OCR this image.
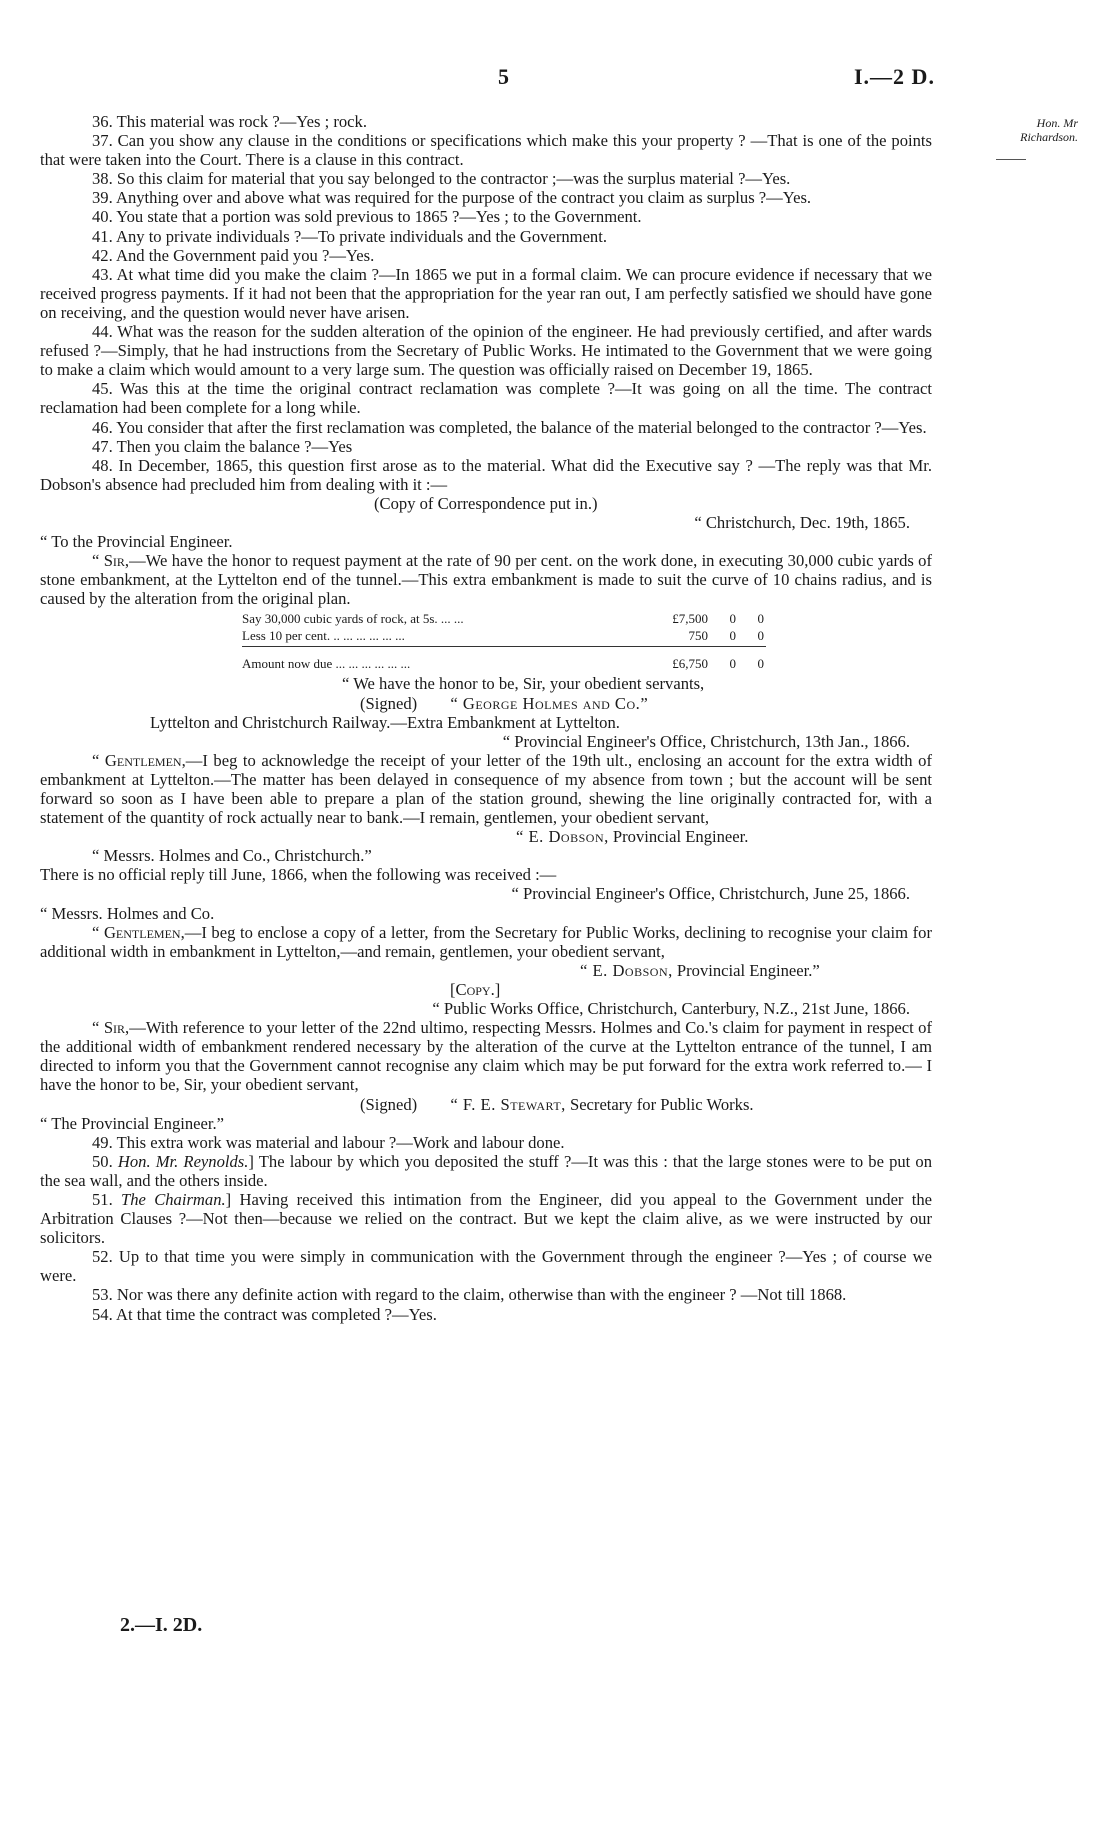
5	I.—2 D.
Hon. Mr Richardson.

36. This material was rock ?—Yes ; rock.

37. Can you show any clause in the conditions or specifications which make this your property ? —That is one of the points that were taken into the Court. There is a clause in this contract.

38. So this claim for material that you say belonged to the contractor ;—was the surplus material ?—Yes.

39. Anything over and above what was required for the purpose of the contract you claim as surplus ?—Yes.

40. You state that a portion was sold previous to 1865 ?—Yes ; to the Government.

41. Any to private individuals ?—To private individuals and the Government.

42. And the Government paid you ?—Yes.

43. At what time did you make the claim ?—In 1865 we put in a formal claim. We can procure evidence if necessary that we received progress payments. If it had not been that the appropriation for the year ran out, I am perfectly satisfied we should have gone on receiving, and the question would never have arisen.

44. What was the reason for the sudden alteration of the opinion of the engineer. He had previously certified, and after wards refused ?—Simply, that he had instructions from the Secretary of Public Works. He intimated to the Government that we were going to make a claim which would amount to a very large sum. The question was officially raised on December 19, 1865.

45. Was this at the time the original contract reclamation was complete ?—It was going on all the time. The contract reclamation had been complete for a long while.

46. You consider that after the first reclamation was completed, the balance of the material belonged to the contractor ?—Yes.

47. Then you claim the balance ?—Yes

48. In December, 1865, this question first arose as to the material. What did the Executive say ? —The reply was that Mr. Dobson's absence had precluded him from dealing with it :—

(Copy of Correspondence put in.)

“ Christchurch, Dec. 19th, 1865.

“ To the Provincial Engineer.

“ Sir,—We have the honor to request payment at the rate of 90 per cent. on the work done, in executing 30,000 cubic yards of stone embankment, at the Lyttelton end of the tunnel.—This extra embankment is made to suit the curve of 10 chains radius, and is caused by the alteration from the original plan.

Say 30,000 cubic yards of rock, at 5s. ... ...	£7,500	0	0
Less 10 per cent. .. ... ... ... ... ...	750	0	0
Amount now due ... ... ... ... ... ...	£6,750	0	0

“ We have the honor to be, Sir, your obedient servants,

(Signed) “ George Holmes and Co.”

Lyttelton and Christchurch Railway.—Extra Embankment at Lyttelton.

“ Provincial Engineer's Office, Christchurch, 13th Jan., 1866.

“ Gentlemen,—I beg to acknowledge the receipt of your letter of the 19th ult., enclosing an account for the extra width of embankment at Lyttelton.—The matter has been delayed in consequence of my absence from town ; but the account will be sent forward so soon as I have been able to prepare a plan of the station ground, shewing the line originally contracted for, with a statement of the quantity of rock actually near to bank.—I remain, gentlemen, your obedient servant,

“ E. Dobson, Provincial Engineer.

“ Messrs. Holmes and Co., Christchurch.”

There is no official reply till June, 1866, when the following was received :—

“ Provincial Engineer's Office, Christchurch, June 25, 1866.

“ Messrs. Holmes and Co.

“ Gentlemen,—I beg to enclose a copy of a letter, from the Secretary for Public Works, declining to recognise your claim for additional width in embankment in Lyttelton,—and remain, gentlemen, your obedient servant,

“ E. Dobson, Provincial Engineer.”

[Copy.]

“ Public Works Office, Christchurch, Canterbury, N.Z., 21st June, 1866.

“ Sir,—With reference to your letter of the 22nd ultimo, respecting Messrs. Holmes and Co.'s claim for payment in respect of the additional width of embankment rendered necessary by the alteration of the curve at the Lyttelton entrance of the tunnel, I am directed to inform you that the Government cannot recognise any claim which may be put forward for the extra work referred to.— I have the honor to be, Sir, your obedient servant,

(Signed) “ F. E. Stewart, Secretary for Public Works.

“ The Provincial Engineer.”

49. This extra work was material and labour ?—Work and labour done.

50. Hon. Mr. Reynolds.] The labour by which you deposited the stuff ?—It was this : that the large stones were to be put on the sea wall, and the others inside.

51. The Chairman.] Having received this intimation from the Engineer, did you appeal to the Government under the Arbitration Clauses ?—Not then—because we relied on the contract. But we kept the claim alive, as we were instructed by our solicitors.

52. Up to that time you were simply in communication with the Government through the engineer ?—Yes ; of course we were.

53. Nor was there any definite action with regard to the claim, otherwise than with the engineer ? —Not till 1868.

54. At that time the contract was completed ?—Yes.

2.—I. 2D.
